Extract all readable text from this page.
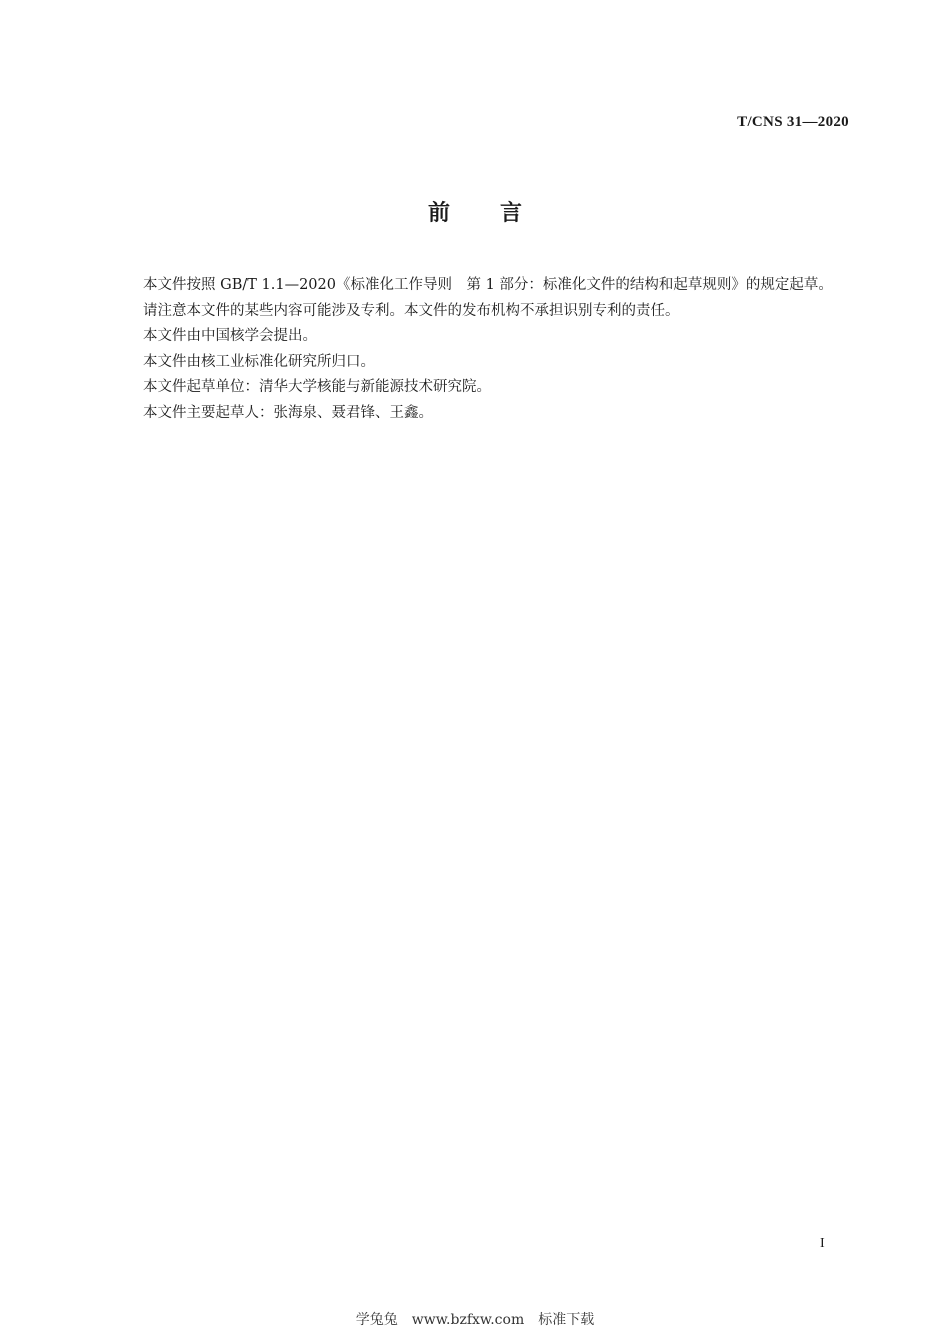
T/CNS 31—2020
前言

本文件按照 GB/T 1.1—2020《标准化工作导则　第 1 部分：标准化文件的结构和起草规则》的规定起草。

请注意本文件的某些内容可能涉及专利。本文件的发布机构不承担识别专利的责任。

本文件由中国核学会提出。

本文件由核工业标准化研究所归口。

本文件起草单位：清华大学核能与新能源技术研究院。

本文件主要起草人：张海泉、聂君锋、王鑫。

I
学兔兔　www.bzfxw.com　标准下载
